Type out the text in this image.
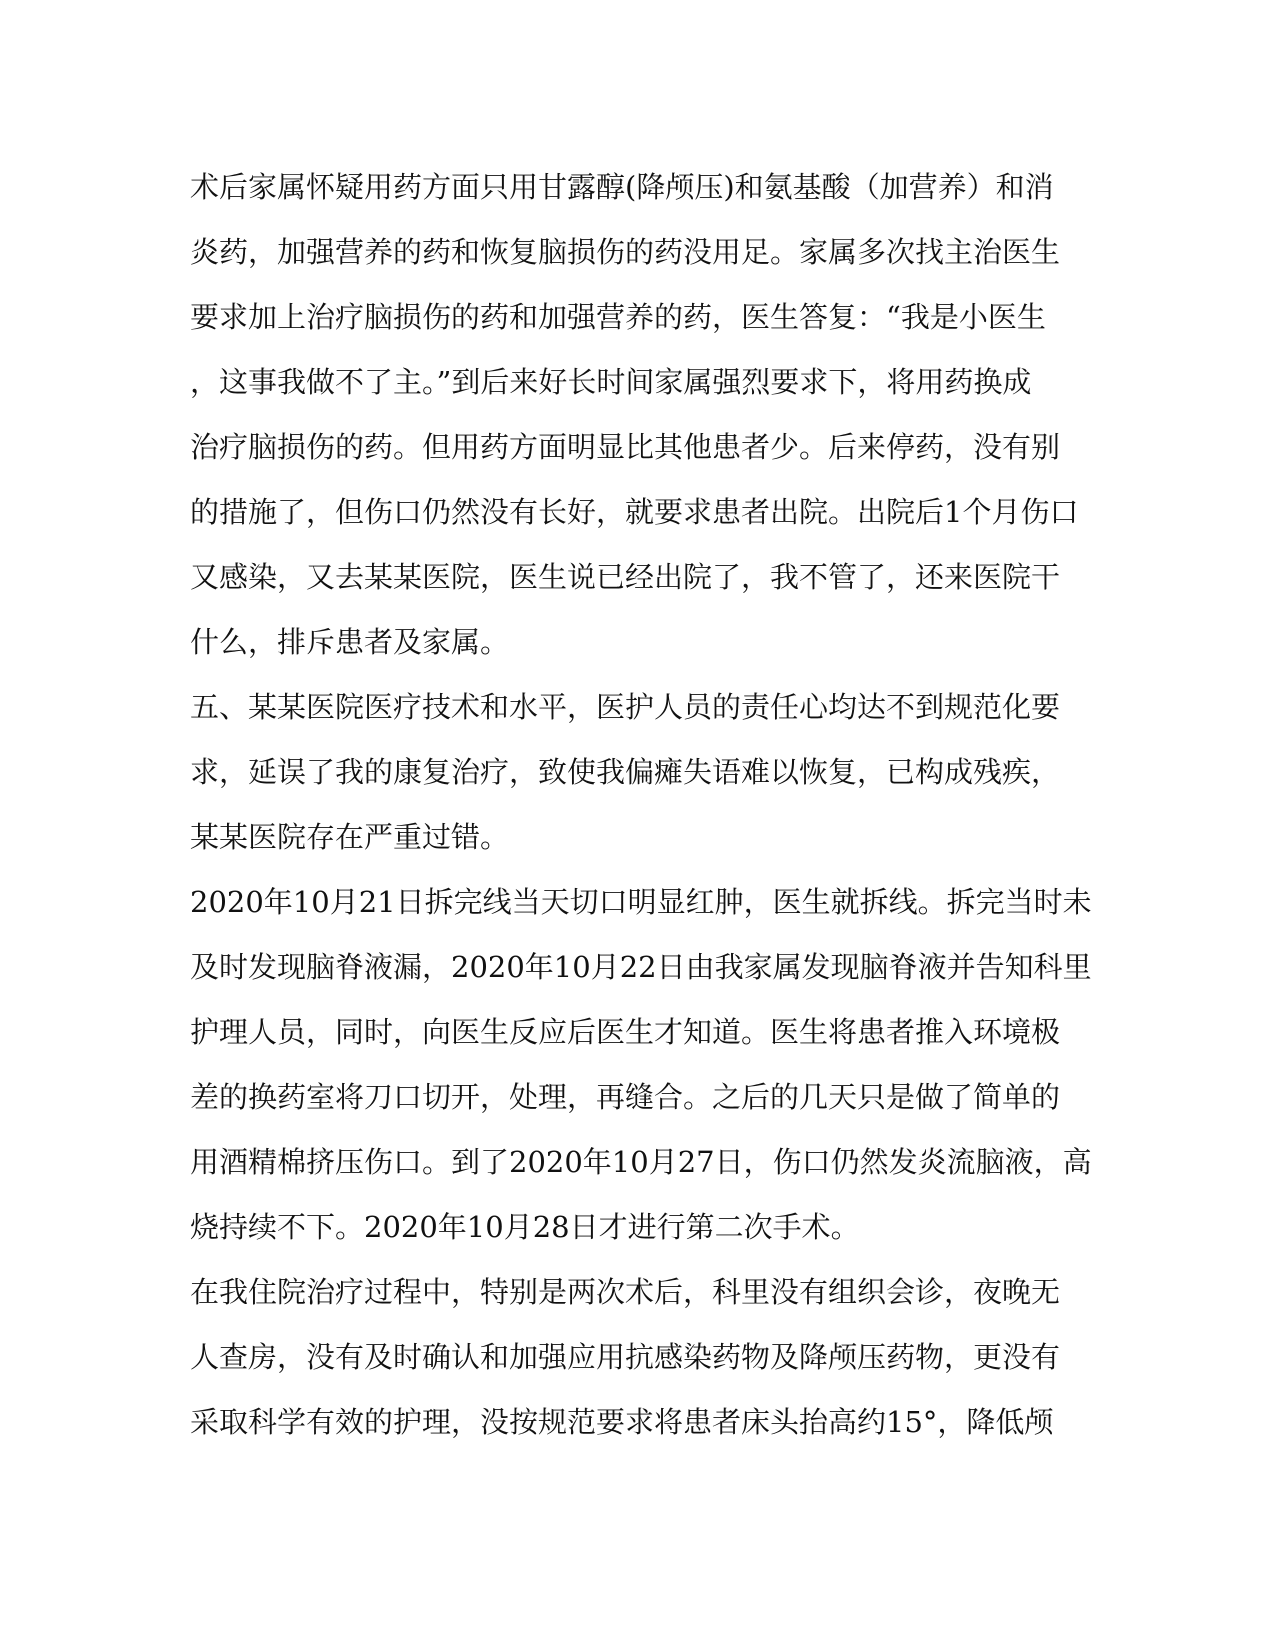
术后家属怀疑用药方面只用甘露醇(降颅压)和氨基酸（加营养）和消
炎药，加强营养的药和恢复脑损伤的药没用足。家属多次找主治医生
要求加上治疗脑损伤的药和加强营养的药，医生答复：“我是小医生
，这事我做不了主。”到后来好长时间家属强烈要求下，将用药换成
治疗脑损伤的药。但用药方面明显比其他患者少。后来停药，没有别
的措施了，但伤口仍然没有长好，就要求患者出院。出院后1个月伤口
又感染，又去某某医院，医生说已经出院了，我不管了，还来医院干
什么，排斥患者及家属。
五、某某医院医疗技术和水平，医护人员的责任心均达不到规范化要
求，延误了我的康复治疗，致使我偏瘫失语难以恢复，已构成残疾，
某某医院存在严重过错。
2020年10月21日拆完线当天切口明显红肿，医生就拆线。拆完当时未
及时发现脑脊液漏，2020年10月22日由我家属发现脑脊液并告知科里
护理人员，同时，向医生反应后医生才知道。医生将患者推入环境极
差的换药室将刀口切开，处理，再缝合。之后的几天只是做了简单的
用酒精棉挤压伤口。到了2020年10月27日，伤口仍然发炎流脑液，高
烧持续不下。2020年10月28日才进行第二次手术。
在我住院治疗过程中，特别是两次术后，科里没有组织会诊，夜晚无
人查房，没有及时确认和加强应用抗感染药物及降颅压药物，更没有
采取科学有效的护理，没按规范要求将患者床头抬高约15°，降低颅
